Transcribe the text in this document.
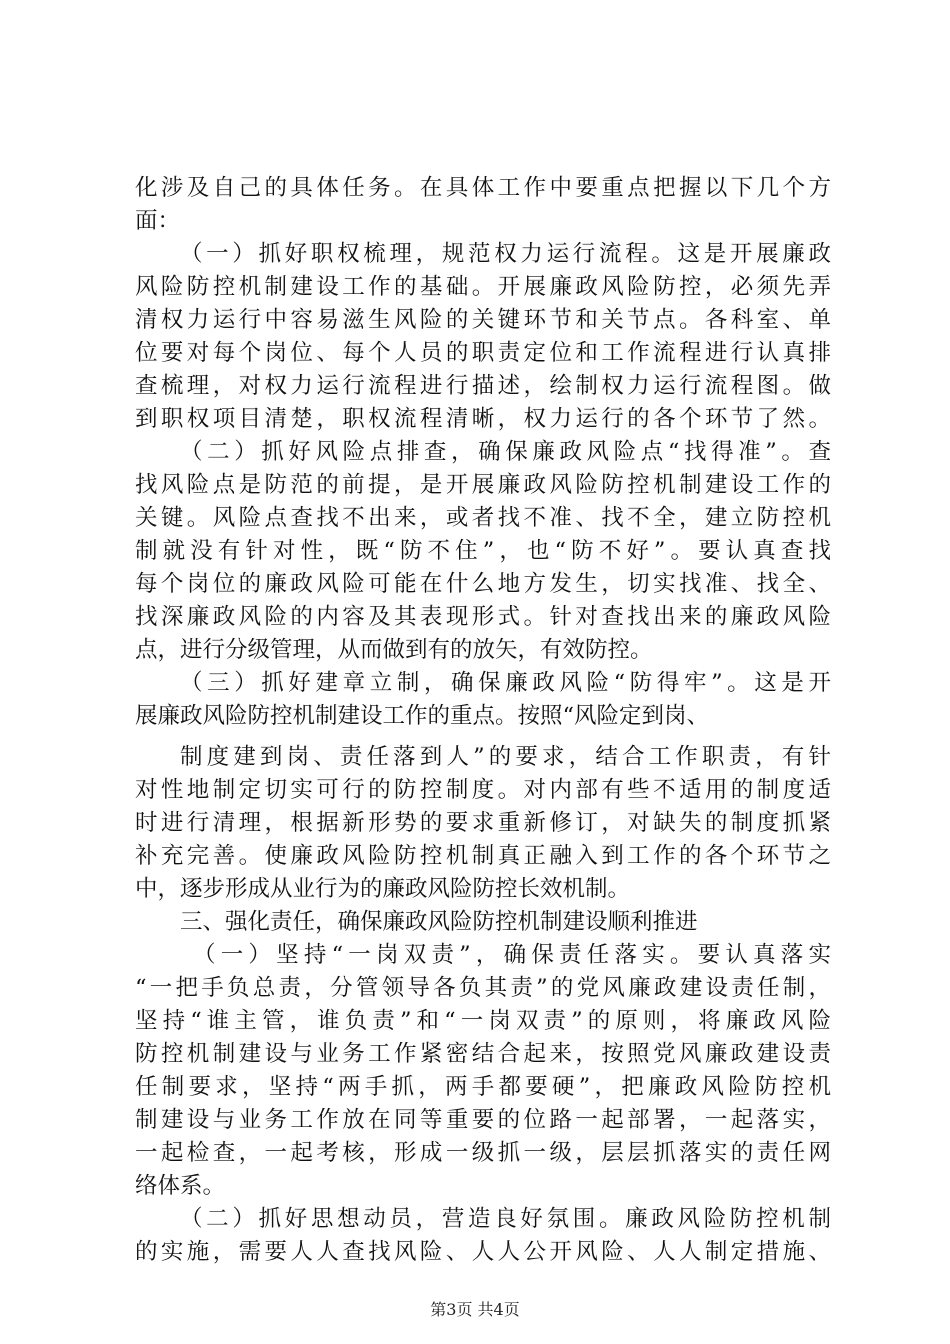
化涉及自己的具体任务。在具体工作中要重点把握以下几个方
面：
（一）抓好职权梳理，规范权力运行流程。这是开展廉政
风险防控机制建设工作的基础。开展廉政风险防控，必须先弄
清权力运行中容易滋生风险的关键环节和关节点。各科室、单
位要对每个岗位、每个人员的职责定位和工作流程进行认真排
查梳理，对权力运行流程进行描述，绘制权力运行流程图。做
到职权项目清楚，职权流程清晰，权力运行的各个环节了然。
（二）抓好风险点排查，确保廉政风险点“找得准”。查
找风险点是防范的前提，是开展廉政风险防控机制建设工作的
关键。风险点查找不出来，或者找不准、找不全，建立防控机
制就没有针对性，既“防不住”，也“防不好”。要认真查找
每个岗位的廉政风险可能在什么地方发生，切实找准、找全、
找深廉政风险的内容及其表现形式。针对查找出来的廉政风险
点，进行分级管理，从而做到有的放矢，有效防控。
（三）抓好建章立制，确保廉政风险“防得牢”。这是开
展廉政风险防控机制建设工作的重点。按照“风险定到岗、
制度建到岗、责任落到人”的要求，结合工作职责，有针
对性地制定切实可行的防控制度。对内部有些不适用的制度适
时进行清理，根据新形势的要求重新修订，对缺失的制度抓紧
补充完善。使廉政风险防控机制真正融入到工作的各个环节之
中，逐步形成从业行为的廉政风险防控长效机制。
三、强化责任，确保廉政风险防控机制建设顺利推进
（一）坚持“一岗双责”，确保责任落实。要认真落实
“一把手负总责，分管领导各负其责”的党风廉政建设责任制，
坚持“谁主管，谁负责”和“一岗双责”的原则，将廉政风险
防控机制建设与业务工作紧密结合起来，按照党风廉政建设责
任制要求，坚持“两手抓，两手都要硬”，把廉政风险防控机
制建设与业务工作放在同等重要的位路一起部署，一起落实，
一起检查，一起考核，形成一级抓一级，层层抓落实的责任网
络体系。
（二）抓好思想动员，营造良好氛围。廉政风险防控机制
的实施，需要人人查找风险、人人公开风险、人人制定措施、
第3页 共4页
